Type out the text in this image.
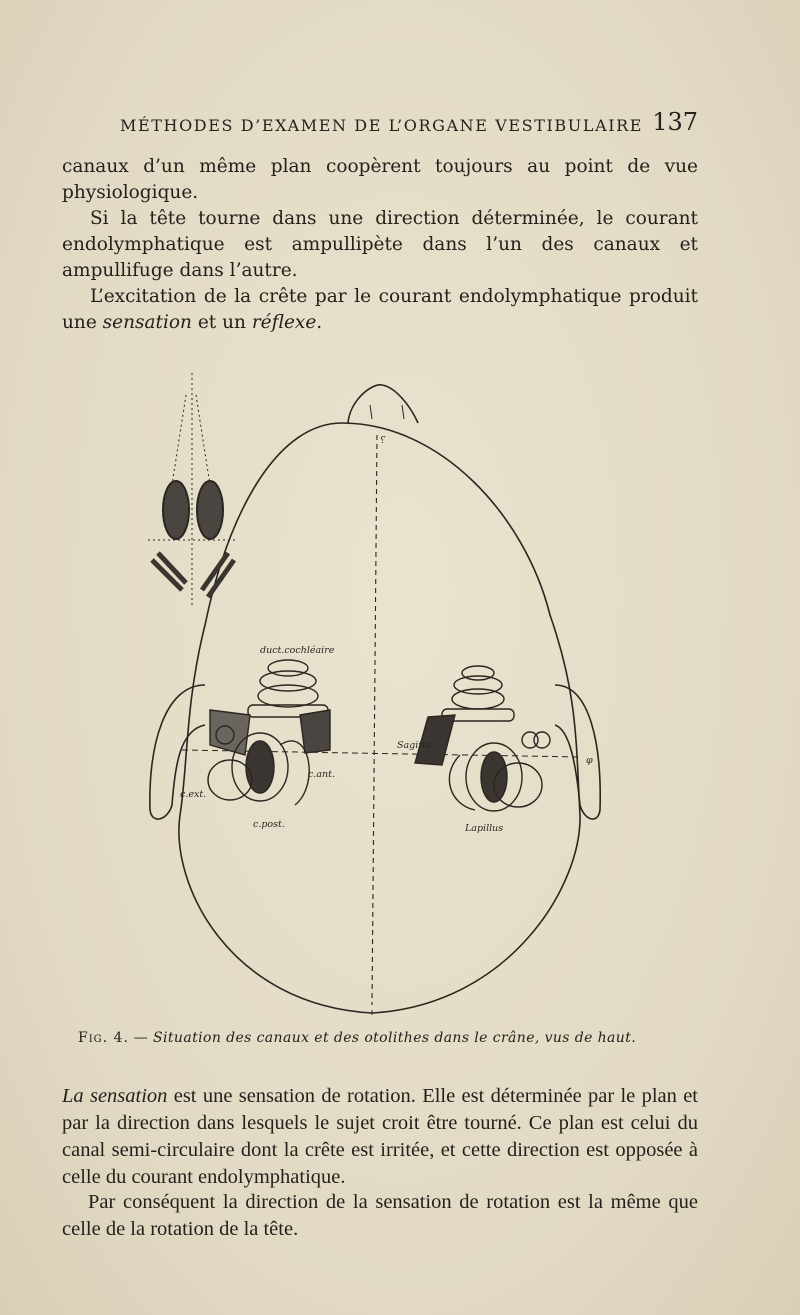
MÉTHODES D’EXAMEN DE L’ORGANE VESTIBULAIRE 137

canaux d’un même plan coopèrent toujours au point de vue physiologique.

Si la tête tourne dans une direction déterminée, le courant endolymphatique est ampullipète dans l’un des canaux et ampullifuge dans l’autre.

L’excitation de la crête par le courant endolymphatique produit une sensation et un réflexe.

⸮
duct.cochléaire
c.ant.
c.ext.
c.post.
Sagitta
Lapillus
φ
Fig. 4. — Situation des canaux et des otolithes dans le crâne, vus de haut.

La sensation est une sensation de rotation. Elle est déterminée par le plan et par la direction dans lesquels le sujet croit être tourné. Ce plan est celui du canal semi-circulaire dont la crête est irritée, et cette direction est opposée à celle du courant endolymphatique.

Par conséquent la direction de la sensation de rotation est la même que celle de la rotation de la tête.
